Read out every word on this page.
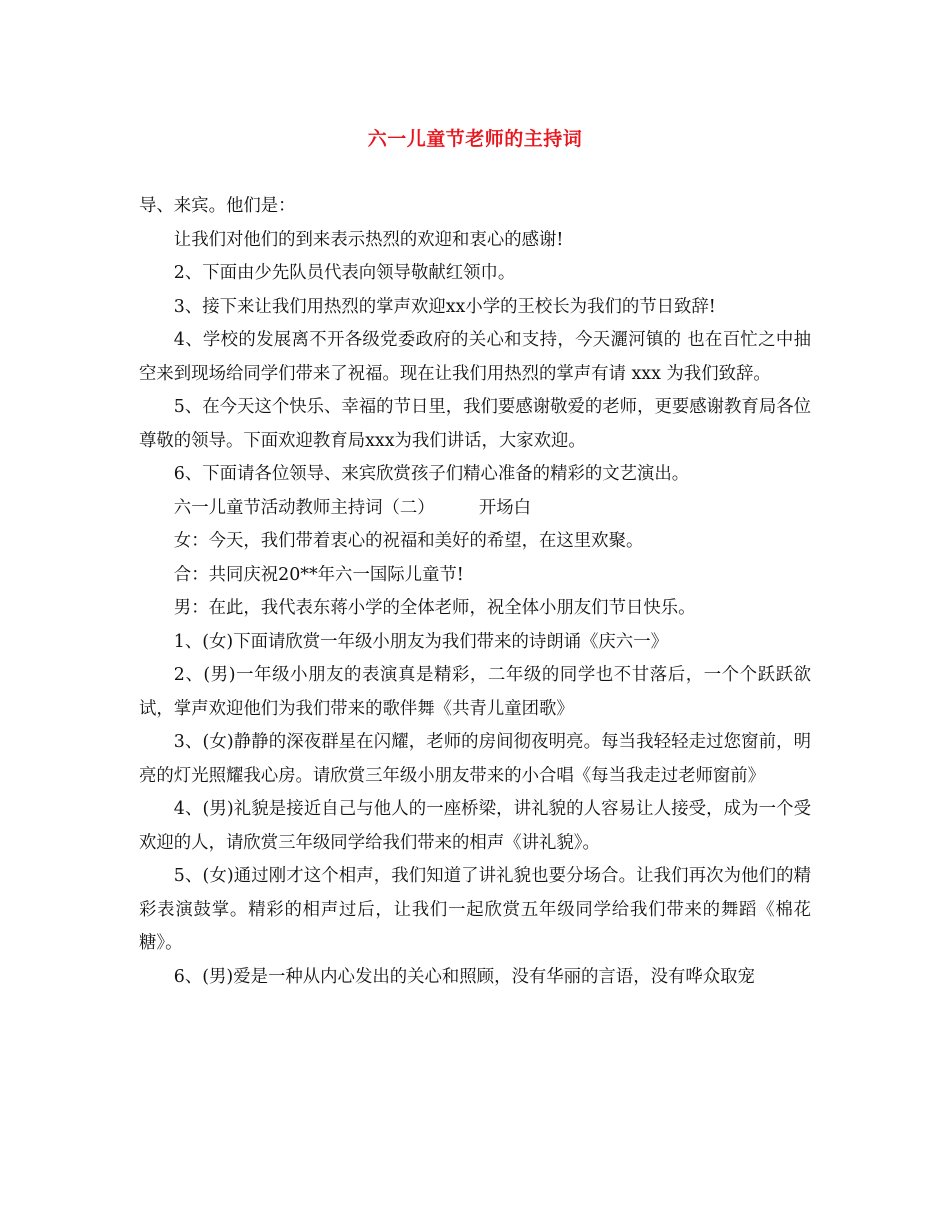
六一儿童节老师的主持词

导、来宾。他们是：

让我们对他们的到来表示热烈的欢迎和衷心的感谢!

2、下面由少先队员代表向领导敬献红领巾。

3、接下来让我们用热烈的掌声欢迎xx小学的王校长为我们的节日致辞!

4、学校的发展离不开各级党委政府的关心和支持，今天灑河镇的 也在百忙之中抽空来到现场给同学们带来了祝福。现在让我们用热烈的掌声有请 xxx 为我们致辞。

5、在今天这个快乐、幸福的节日里，我们要感谢敬爱的老师，更要感谢教育局各位尊敬的领导。下面欢迎教育局xxx为我们讲话，大家欢迎。

6、下面请各位领导、来宾欣赏孩子们精心准备的精彩的文艺演出。

六一儿童节活动教师主持词（二）        开场白

女：今天，我们带着衷心的祝福和美好的希望，在这里欢聚。

合：共同庆祝20**年六一国际儿童节!

男：在此，我代表东蒋小学的全体老师，祝全体小朋友们节日快乐。

1、(女)下面请欣赏一年级小朋友为我们带来的诗朗诵《庆六一》

2、(男)一年级小朋友的表演真是精彩，二年级的同学也不甘落后，一个个跃跃欲试，掌声欢迎他们为我们带来的歌伴舞《共青儿童团歌》

3、(女)静静的深夜群星在闪耀，老师的房间彻夜明亮。每当我轻轻走过您窗前，明亮的灯光照耀我心房。请欣赏三年级小朋友带来的小合唱《每当我走过老师窗前》

4、(男)礼貌是接近自己与他人的一座桥梁，讲礼貌的人容易让人接受，成为一个受欢迎的人，请欣赏三年级同学给我们带来的相声《讲礼貌》。

5、(女)通过刚才这个相声，我们知道了讲礼貌也要分场合。让我们再次为他们的精彩表演鼓掌。精彩的相声过后，让我们一起欣赏五年级同学给我们带来的舞蹈《棉花糖》。

6、(男)爱是一种从内心发出的关心和照顾，没有华丽的言语，没有哗众取宠
